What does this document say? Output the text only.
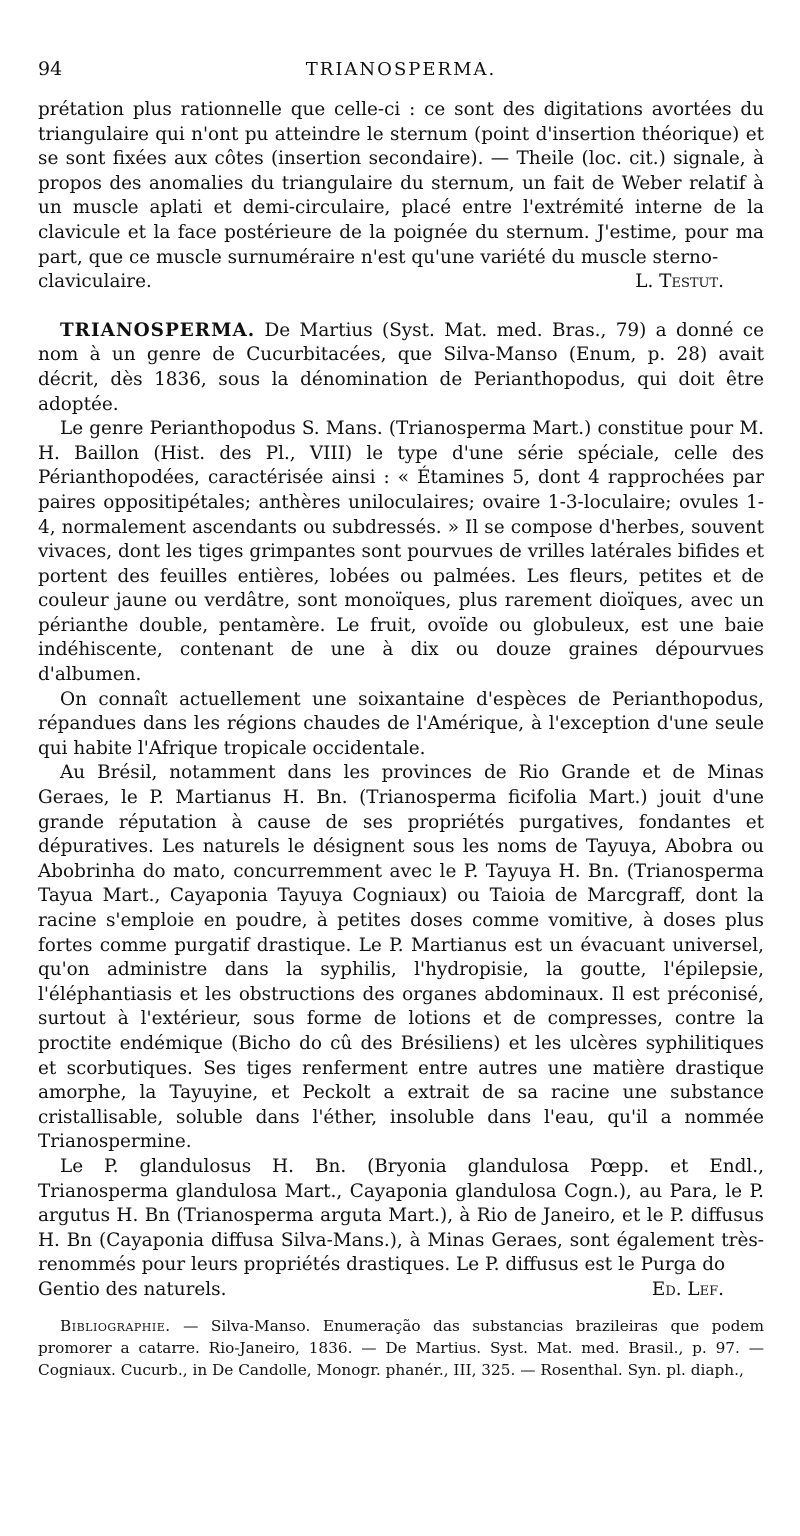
94	TRIANOSPERMA.

prétation plus rationnelle que celle-ci : ce sont des digitations avortées du triangulaire qui n'ont pu atteindre le sternum (point d'insertion théorique) et se sont fixées aux côtes (insertion secondaire). — Theile (loc. cit.) signale, à propos des anomalies du triangulaire du sternum, un fait de Weber relatif à un muscle aplati et demi-circulaire, placé entre l'extrémité interne de la clavicule et la face postérieure de la poignée du sternum. J'estime, pour ma part, que ce muscle surnuméraire n'est qu'une variété du muscle sterno-

claviculaire.	L. Testut.

TRIANOSPERMA. De Martius (Syst. Mat. med. Bras., 79) a donné ce nom à un genre de Cucurbitacées, que Silva-Manso (Enum, p. 28) avait décrit, dès 1836, sous la dénomination de Perianthopodus, qui doit être adoptée.

Le genre Perianthopodus S. Mans. (Trianosperma Mart.) constitue pour M. H. Baillon (Hist. des Pl., VIII) le type d'une série spéciale, celle des Périanthopodées, caractérisée ainsi : « Étamines 5, dont 4 rapprochées par paires oppositipétales; anthères uniloculaires; ovaire 1-3-loculaire; ovules 1-4, normalement ascendants ou subdressés. » Il se compose d'herbes, souvent vivaces, dont les tiges grimpantes sont pourvues de vrilles latérales bifides et portent des feuilles entières, lobées ou palmées. Les fleurs, petites et de couleur jaune ou verdâtre, sont monoïques, plus rarement dioïques, avec un périanthe double, pentamère. Le fruit, ovoïde ou globuleux, est une baie indéhiscente, contenant de une à dix ou douze graines dépourvues d'albumen.

On connaît actuellement une soixantaine d'espèces de Perianthopodus, répandues dans les régions chaudes de l'Amérique, à l'exception d'une seule qui habite l'Afrique tropicale occidentale.

Au Brésil, notamment dans les provinces de Rio Grande et de Minas Geraes, le P. Martianus H. Bn. (Trianosperma ficifolia Mart.) jouit d'une grande réputation à cause de ses propriétés purgatives, fondantes et dépuratives. Les naturels le désignent sous les noms de Tayuya, Abobra ou Abobrinha do mato, concurremment avec le P. Tayuya H. Bn. (Trianosperma Tayua Mart., Cayaponia Tayuya Cogniaux) ou Taioia de Marcgraff, dont la racine s'emploie en poudre, à petites doses comme vomitive, à doses plus fortes comme purgatif drastique. Le P. Martianus est un évacuant universel, qu'on administre dans la syphilis, l'hydropisie, la goutte, l'épilepsie, l'éléphantiasis et les obstructions des organes abdominaux. Il est préconisé, surtout à l'extérieur, sous forme de lotions et de compresses, contre la proctite endémique (Bicho do cû des Brésiliens) et les ulcères syphilitiques et scorbutiques. Ses tiges renferment entre autres une matière drastique amorphe, la Tayuyine, et Peckolt a extrait de sa racine une substance cristallisable, soluble dans l'éther, insoluble dans l'eau, qu'il a nommée Trianospermine.

Le P. glandulosus H. Bn. (Bryonia glandulosa Pœpp. et Endl., Trianosperma glandulosa Mart., Cayaponia glandulosa Cogn.), au Para, le P. argutus H. Bn (Trianosperma arguta Mart.), à Rio de Janeiro, et le P. diffusus H. Bn (Cayaponia diffusa Silva-Mans.), à Minas Geraes, sont également très-renommés pour leurs propriétés drastiques. Le P. diffusus est le Purga do

Gentio des naturels.	Ed. Lef.

Bibliographie. — Silva-Manso. Enumeração das substancias brazileiras que podem promorer a catarre. Rio-Janeiro, 1836. — De Martius. Syst. Mat. med. Brasil., p. 97. — Cogniaux. Cucurb., in De Candolle, Monogr. phanér., III, 325. — Rosenthal. Syn. pl. diaph.,
